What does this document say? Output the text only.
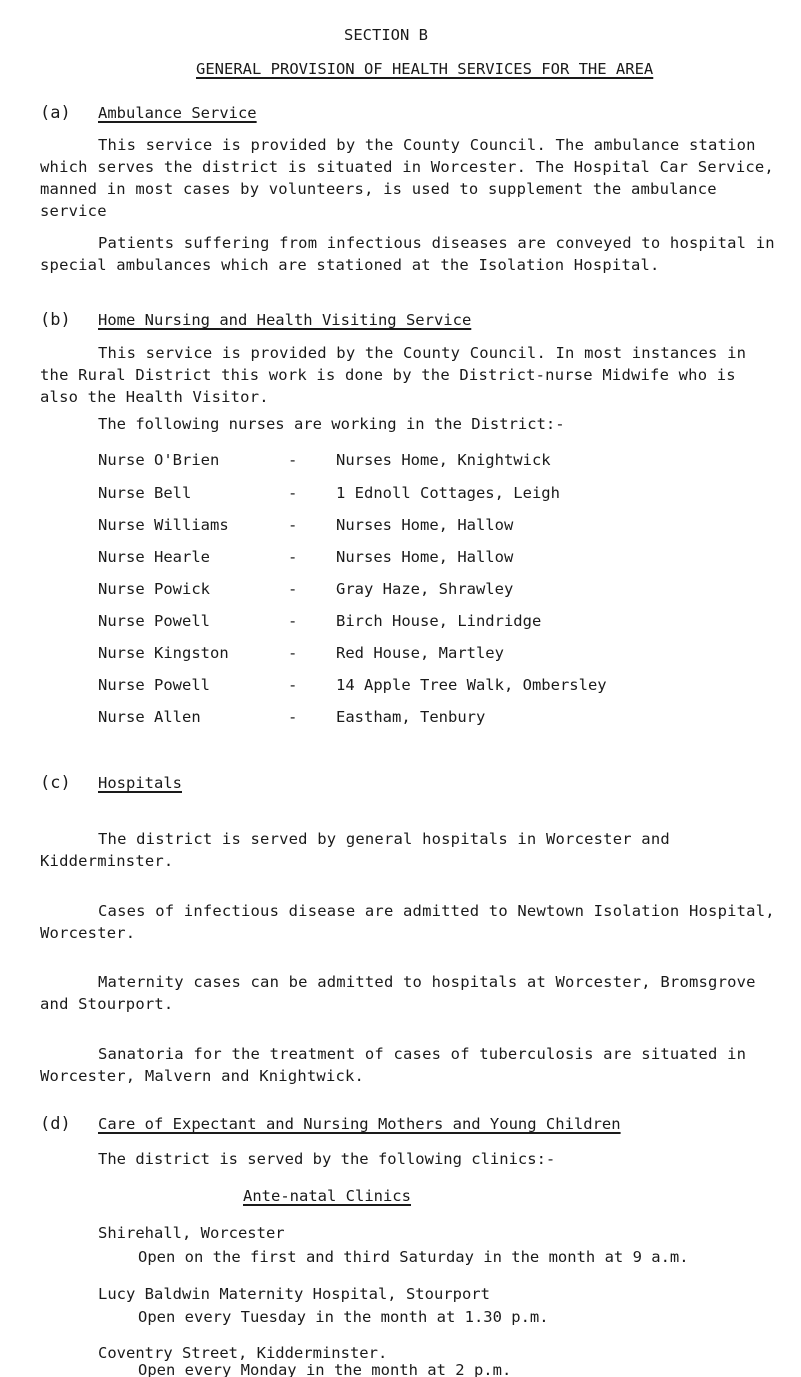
SECTION B
GENERAL PROVISION OF HEALTH SERVICES FOR THE AREA
(a) Ambulance Service
This service is provided by the County Council. The ambulance station which serves the district is situated in Worcester. The Hospital Car Service, manned in most cases by volunteers, is used to supplement the ambulance service
Patients suffering from infectious diseases are conveyed to hospital in special ambulances which are stationed at the Isolation Hospital.
(b) Home Nursing and Health Visiting Service
This service is provided by the County Council. In most instances in the Rural District this work is done by the District-nurse Midwife who is also the Health Visitor.
The following nurses are working in the District:-
Nurse O'Brien	- Nurses Home, Knightwick
Nurse Bell	- 1 Ednoll Cottages, Leigh
Nurse Williams	- Nurses Home, Hallow
Nurse Hearle	- Nurses Home, Hallow
Nurse Powick	- Gray Haze, Shrawley
Nurse Powell	- Birch House, Lindridge
Nurse Kingston	- Red House, Martley
Nurse Powell	- 14 Apple Tree Walk, Ombersley
Nurse Allen	- Eastham, Tenbury
(c) Hospitals
The district is served by general hospitals in Worcester and Kidderminster.
Cases of infectious disease are admitted to Newtown Isolation Hospital, Worcester.
Maternity cases can be admitted to hospitals at Worcester, Bromsgrove and Stourport.
Sanatoria for the treatment of cases of tuberculosis are situated in Worcester, Malvern and Knightwick.
(d) Care of Expectant and Nursing Mothers and Young Children
The district is served by the following clinics:-
Ante-natal Clinics
Shirehall, Worcester
Open on the first and third Saturday in the month at 9 a.m.
Lucy Baldwin Maternity Hospital, Stourport
Open every Tuesday in the month at 1.30 p.m.
Coventry Street, Kidderminster.
Open every Monday in the month at 2 p.m.
